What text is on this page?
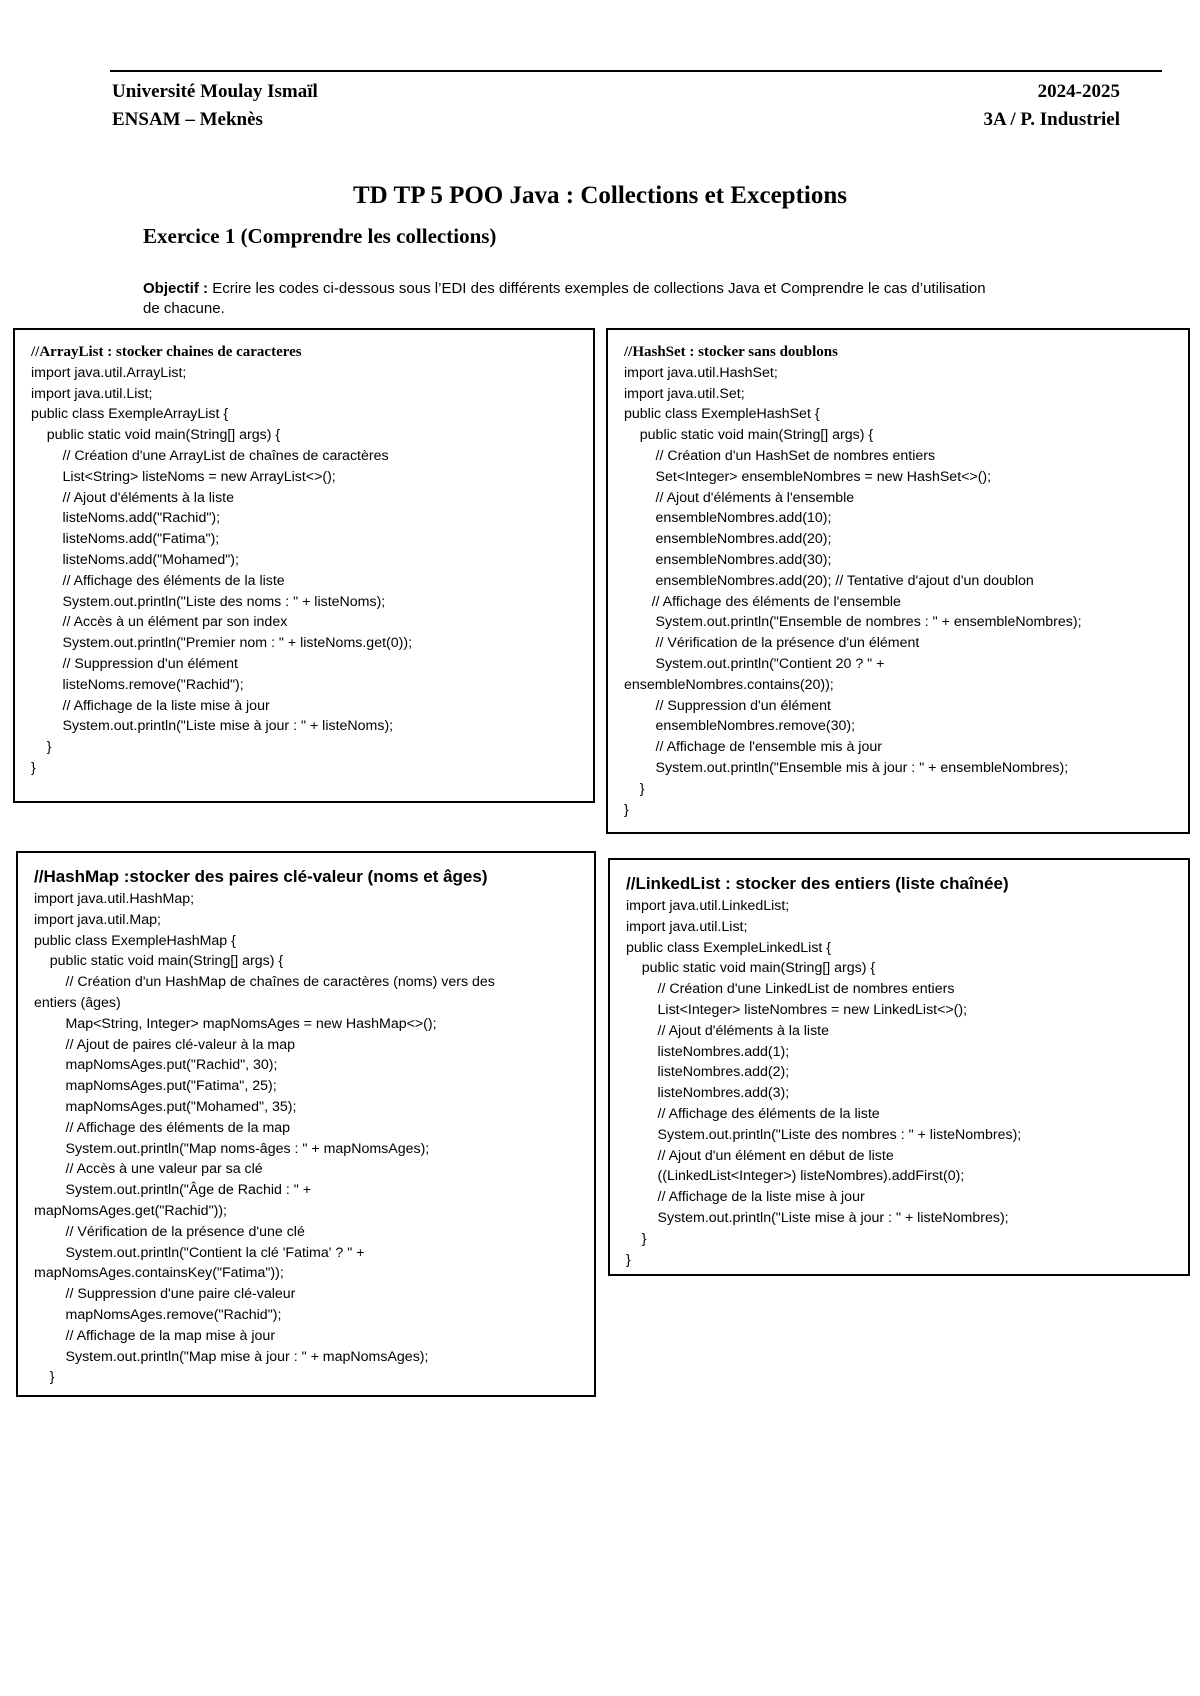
Université Moulay Ismaïl
ENSAM – Meknès
2024-2025
3A / P. Industriel
TD TP 5 POO Java : Collections et Exceptions
Exercice 1 (Comprendre les collections)
Objectif : Ecrire les codes ci-dessous sous l’EDI des différents exemples de collections Java et Comprendre le cas d’utilisation de chacune.
//ArrayList : stocker chaines de caracteres
import java.util.ArrayList;
import java.util.List;
public class ExempleArrayList {
public static void main(String[] args) {
// Création d'une ArrayList de chaînes de caractères
List<String> listeNoms = new ArrayList<>();
// Ajout d'éléments à la liste
listeNoms.add("Rachid");
listeNoms.add("Fatima");
listeNoms.add("Mohamed");
// Affichage des éléments de la liste
System.out.println("Liste des noms : " + listeNoms);
// Accès à un élément par son index
System.out.println("Premier nom : " + listeNoms.get(0));
// Suppression d'un élément
listeNoms.remove("Rachid");
// Affichage de la liste mise à jour
System.out.println("Liste mise à jour : " + listeNoms);
}
}
//HashSet : stocker sans doublons
import java.util.HashSet;
import java.util.Set;
public class ExempleHashSet {
public static void main(String[] args) {
// Création d'un HashSet de nombres entiers
Set<Integer> ensembleNombres = new HashSet<>();
// Ajout d'éléments à l'ensemble
ensembleNombres.add(10);
ensembleNombres.add(20);
ensembleNombres.add(30);
ensembleNombres.add(20); // Tentative d'ajout d'un doublon
// Affichage des éléments de l'ensemble
System.out.println("Ensemble de nombres : " + ensembleNombres);
// Vérification de la présence d'un élément
System.out.println("Contient 20 ? " +
ensembleNombres.contains(20));
// Suppression d'un élément
ensembleNombres.remove(30);
// Affichage de l'ensemble mis à jour
System.out.println("Ensemble mis à jour : " + ensembleNombres);
}
}
//HashMap :stocker des paires clé-valeur (noms et âges)
import java.util.HashMap;
import java.util.Map;
public class ExempleHashMap {
public static void main(String[] args) {
// Création d'un HashMap de chaînes de caractères (noms) vers des
entiers (âges)
Map<String, Integer> mapNomsAges = new HashMap<>();
// Ajout de paires clé-valeur à la map
mapNomsAges.put("Rachid", 30);
mapNomsAges.put("Fatima", 25);
mapNomsAges.put("Mohamed", 35);
// Affichage des éléments de la map
System.out.println("Map noms-âges : " + mapNomsAges);
// Accès à une valeur par sa clé
System.out.println("Âge de Rachid : " +
mapNomsAges.get("Rachid"));
// Vérification de la présence d'une clé
System.out.println("Contient la clé 'Fatima' ? " +
mapNomsAges.containsKey("Fatima"));
// Suppression d'une paire clé-valeur
mapNomsAges.remove("Rachid");
// Affichage de la map mise à jour
System.out.println("Map mise à jour : " + mapNomsAges);
}
//LinkedList : stocker des entiers (liste chaînée)
import java.util.LinkedList;
import java.util.List;
public class ExempleLinkedList {
public static void main(String[] args) {
// Création d'une LinkedList de nombres entiers
List<Integer> listeNombres = new LinkedList<>();
// Ajout d'éléments à la liste
listeNombres.add(1);
listeNombres.add(2);
listeNombres.add(3);
// Affichage des éléments de la liste
System.out.println("Liste des nombres : " + listeNombres);
// Ajout d'un élément en début de liste
((LinkedList<Integer>) listeNombres).addFirst(0);
// Affichage de la liste mise à jour
System.out.println("Liste mise à jour : " + listeNombres);
}
}
